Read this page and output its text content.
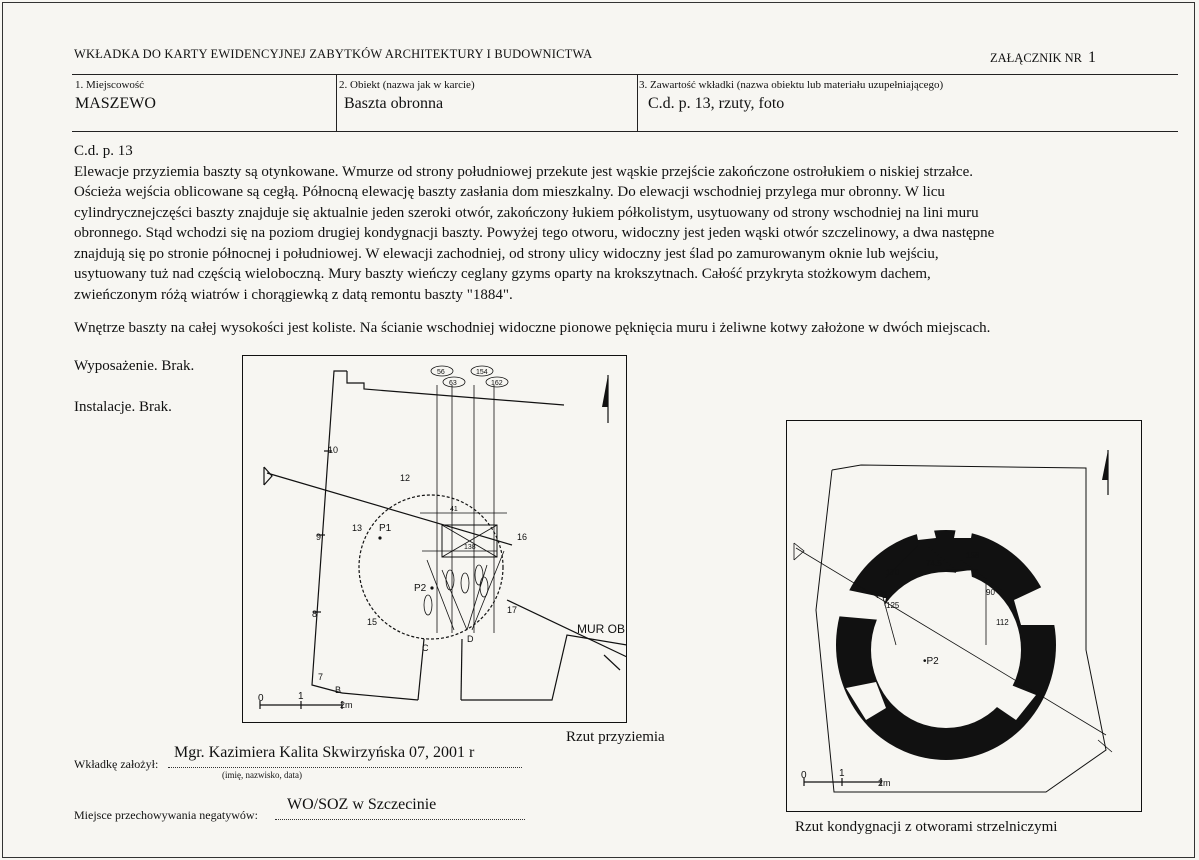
WKŁADKA DO KARTY EWIDENCYJNEJ ZABYTKÓW ARCHITEKTURY I BUDOWNICTWA	ZAŁĄCZNIK NR 1
1. Miejscowość
MASZEWO
2. Obiekt (nazwa jak w karcie)
Baszta obronna
3. Zawartość wkładki (nazwa obiektu lub materiału uzupełniającego)
C.d. p. 13, rzuty, foto

C.d. p. 13

Elewacje przyziemia baszty są otynkowane. Wmurze od strony południowej przekute jest wąskie przejście zakończone ostrołukiem o niskiej strzałce.

Ościeża wejścia oblicowane są cegłą. Północną elewację baszty zasłania dom mieszkalny. Do elewacji wschodniej przylega mur obronny. W licu

cylindrycznejczęści baszty znajduje się aktualnie jeden szeroki otwór, zakończony łukiem półkolistym, usytuowany od strony wschodniej na lini muru

obronnego. Stąd wchodzi się na poziom drugiej kondygnacji baszty. Powyżej tego otworu, widoczny jest jeden wąski otwór szczelinowy, a dwa następne

znajdują się po stronie północnej i południowej. W elewacji zachodniej, od strony ulicy widoczny jest ślad po zamurowanym oknie lub wejściu,

usytuowany tuż nad częścią wieloboczną. Mury baszty wieńczy ceglany gzyms oparty na krokszytnach. Całość przykryta stożkowym dachem,

zwieńczonym różą wiatrów i chorągiewką z datą remontu baszty "1884".

Wnętrze baszty na całej wysokości jest koliste. Na ścianie wschodniej widoczne pionowe pęknięcia muru i żeliwne kotwy założone w dwóch miejscach.
Wyposażenie. Brak.
Instalacje. Brak.
10
9
8
7
12
13
15
16
17
B
C
D
P1
P2
MUR OB
56
63
154
162
41
138
0	1
2m
Rzut przyziemia
170
74.5
158
90
112
125
P1
•P2
0	1
2m
Rzut kondygnacji z otworami strzelniczymi
Wkładkę założył:
Mgr. Kazimiera Kalita Skwirzyńska 07, 2001 r
(imię, nazwisko, data)
Miejsce przechowywania negatywów:
WO/SOZ w Szczecinie
